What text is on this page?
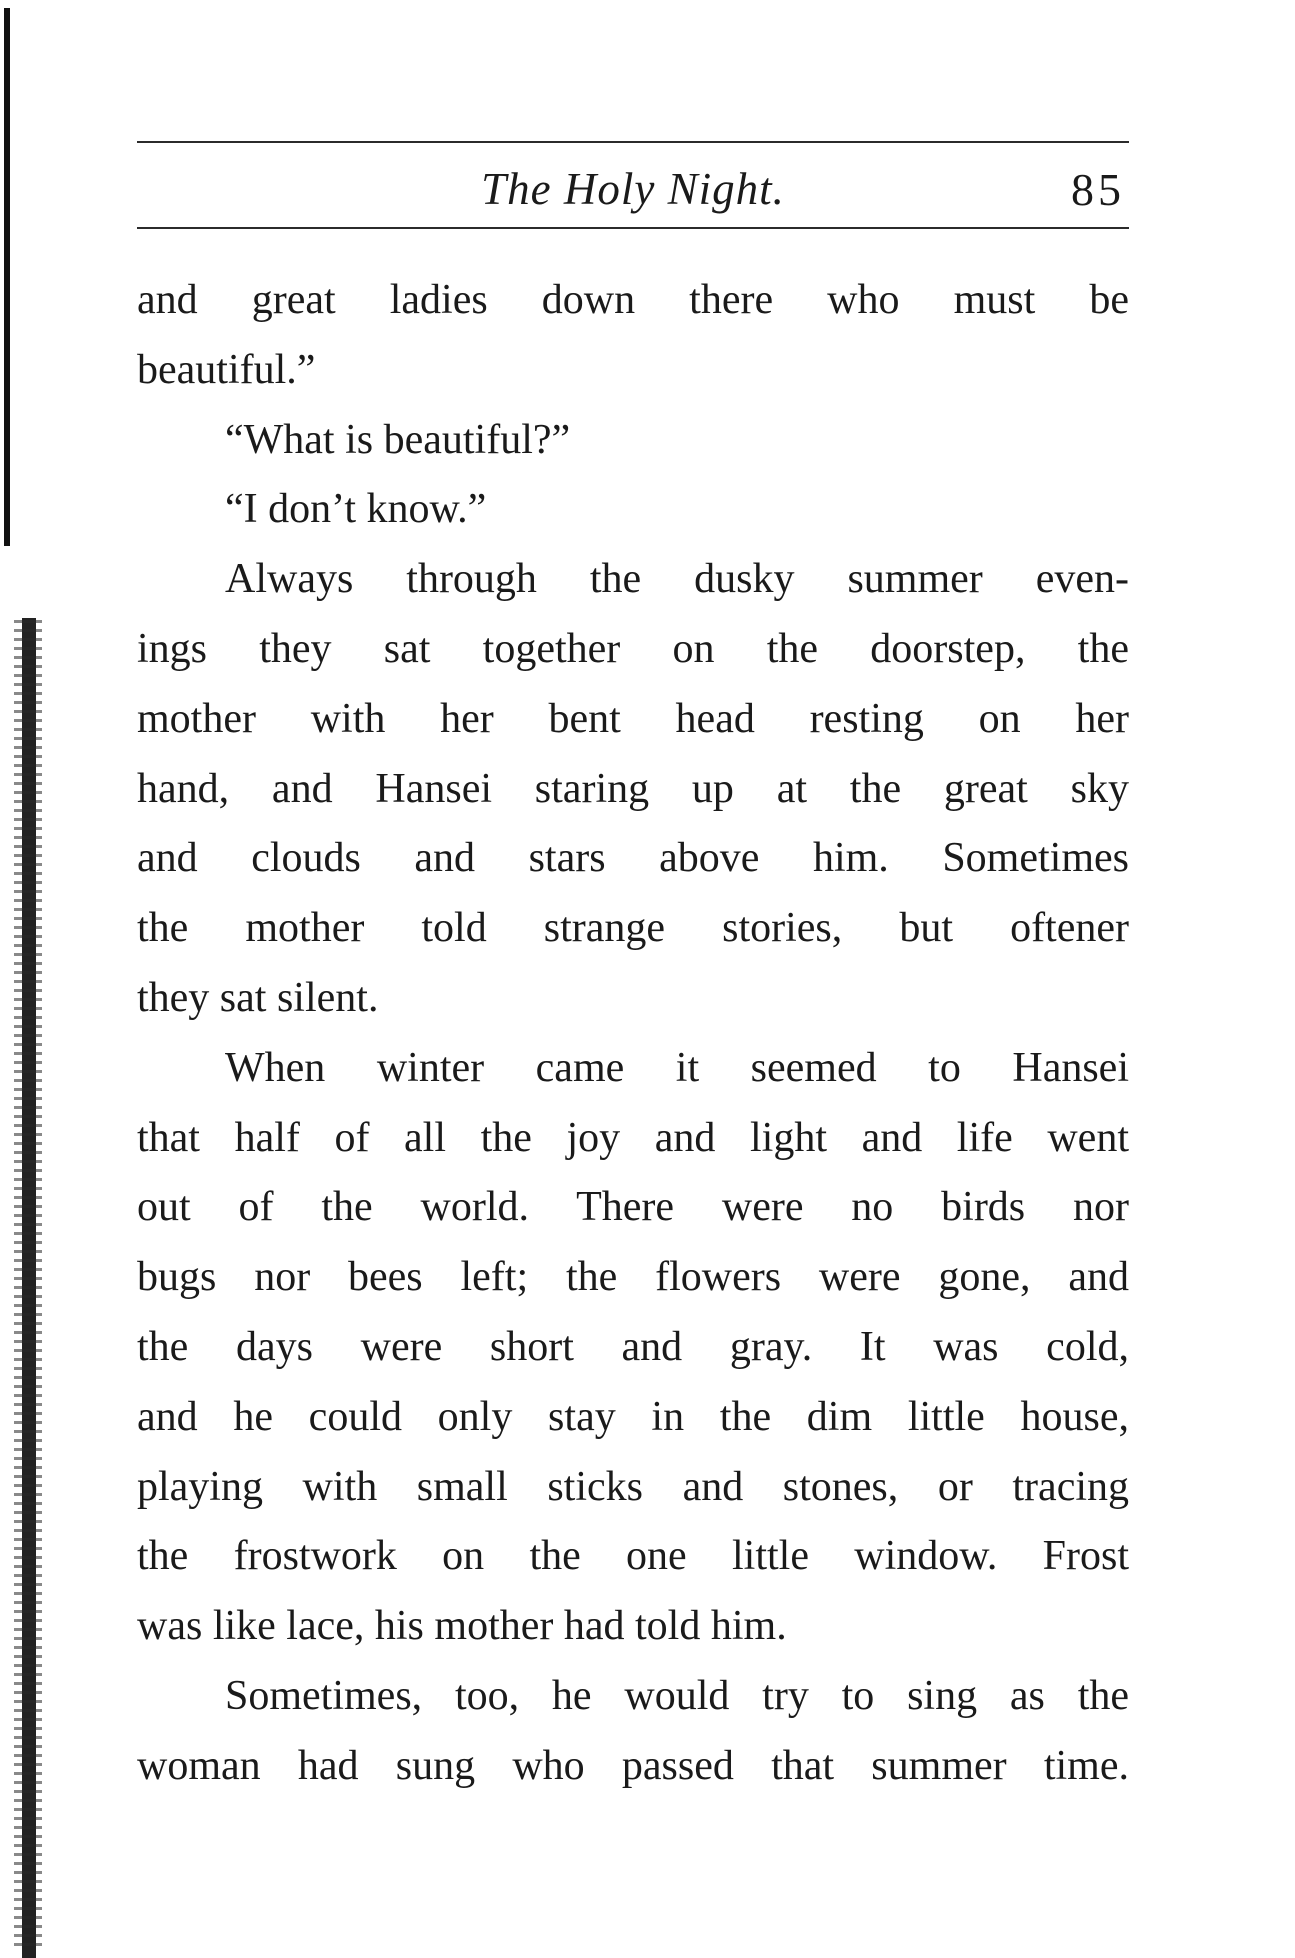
The Holy Night.	85
and great ladies down there who must be
beautiful.”
“What is beautiful?”
“I don’t know.”
Always through the dusky summer even-
ings they sat together on the doorstep, the
mother with her bent head resting on her
hand, and Hansei staring up at the great sky
and clouds and stars above him. Sometimes
the mother told strange stories, but oftener
they sat silent.
When winter came it seemed to Hansei
that half of all the joy and light and life went
out of the world. There were no birds nor
bugs nor bees left; the flowers were gone, and
the days were short and gray. It was cold,
and he could only stay in the dim little house,
playing with small sticks and stones, or tracing
the frostwork on the one little window. Frost
was like lace, his mother had told him.
Sometimes, too, he would try to sing as the
woman had sung who passed that summer time.
